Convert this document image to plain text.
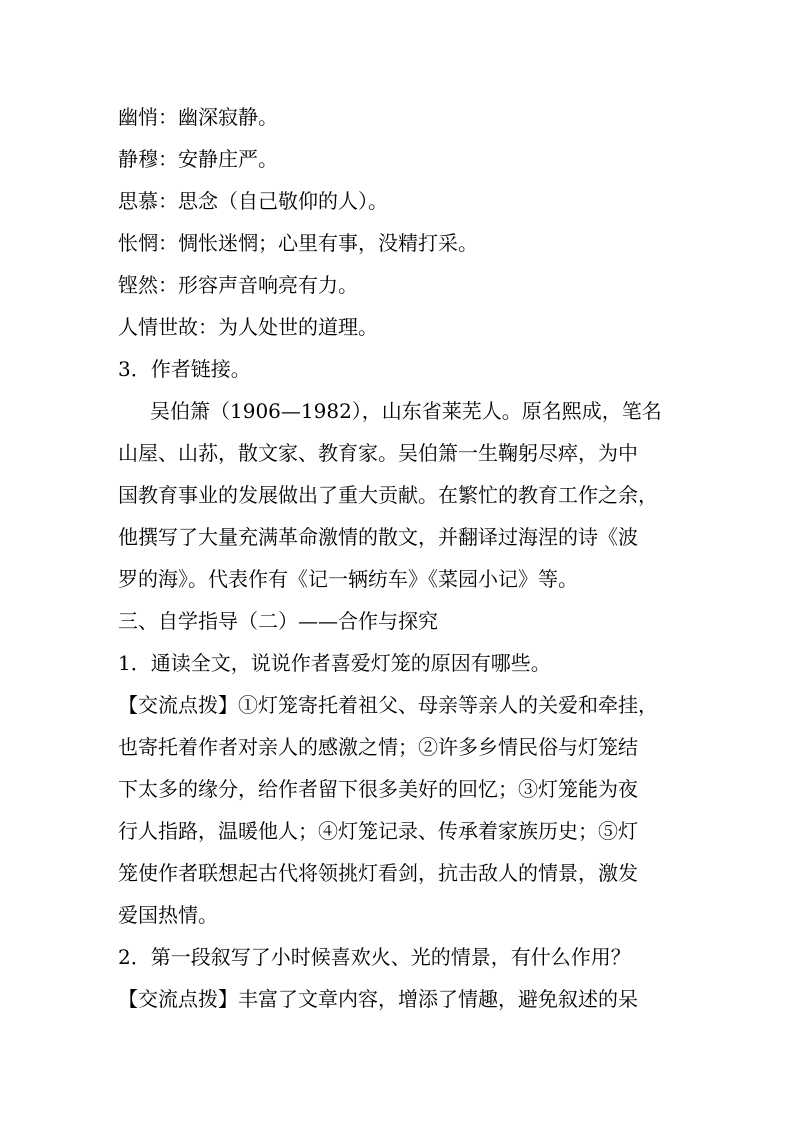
幽悄：幽深寂静。
静穆：安静庄严。
思慕：思念（自己敬仰的人）。
怅惘：惆怅迷惘；心里有事，没精打采。
铿然：形容声音响亮有力。
人情世故：为人处世的道理。
3．作者链接。
吴伯箫（1906—1982），山东省莱芜人。原名熙成，笔名
山屋、山荪，散文家、教育家。吴伯箫一生鞠躬尽瘁，为中
国教育事业的发展做出了重大贡献。在繁忙的教育工作之余，
他撰写了大量充满革命激情的散文，并翻译过海涅的诗《波
罗的海》。代表作有《记一辆纺车》《菜园小记》等。
三、自学指导（二）——合作与探究
1．通读全文，说说作者喜爱灯笼的原因有哪些。
【交流点拨】①灯笼寄托着祖父、母亲等亲人的关爱和牵挂，
也寄托着作者对亲人的感激之情；②许多乡情民俗与灯笼结
下太多的缘分，给作者留下很多美好的回忆；③灯笼能为夜
行人指路，温暖他人；④灯笼记录、传承着家族历史；⑤灯
笼使作者联想起古代将领挑灯看剑，抗击敌人的情景，激发
爱国热情。
2．第一段叙写了小时候喜欢火、光的情景，有什么作用？
【交流点拨】丰富了文章内容，增添了情趣，避免叙述的呆
